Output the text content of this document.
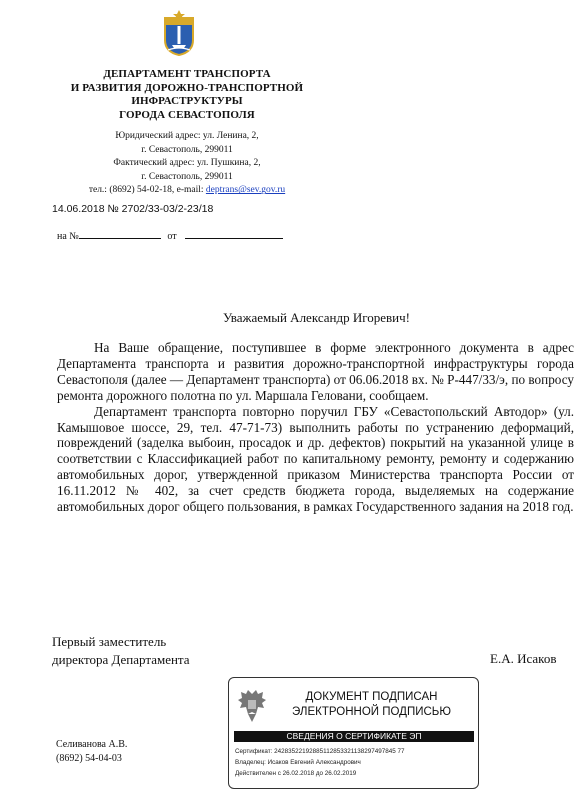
ДЕПАРТАМЕНТ ТРАНСПОРТА
И РАЗВИТИЯ ДОРОЖНО-ТРАНСПОРТНОЙ
ИНФРАСТРУКТУРЫ
ГОРОДА СЕВАСТОПОЛЯ
Юридический адрес: ул. Ленина, 2,
г. Севастополь, 299011
Фактический адрес: ул. Пушкина, 2,
г. Севастополь, 299011
тел.: (8692) 54-02-18, e-mail: deptrans@sev.gov.ru
14.06.2018 № 2702/33-03/2-23/18
на №	от
Уважаемый Александр Игоревич!

На Ваше обращение, поступившее в форме электронного документа в адрес Департамента транспорта и развития дорожно-транспортной инфраструктуры города Севастополя (далее — Департамент транспорта) от 06.06.2018 вх. № Р-447/33/э, по вопросу ремонта дорожного полотна по ул. Маршала Геловани, сообщаем.

Департамент транспорта повторно поручил ГБУ «Севастопольский Автодор» (ул. Камышовое шоссе, 29, тел. 47-71-73) выполнить работы по устранению деформаций, повреждений (заделка выбоин, просадок и др. дефектов) покрытий на указанной улице в соответствии с Классификацией работ по капитальному ремонту, ремонту и содержанию автомобильных дорог, утвержденной приказом Министерства транспорта России от 16.11.2012 № 402, за счет средств бюджета города, выделяемых на содержание автомобильных дорог общего пользования, в рамках Государственного задания на 2018 год.

Первый заместитель
директора Департамента	Е.А. Исаков
Селиванова А.В.
(8692) 54-04-03
ДОКУМЕНТ ПОДПИСАН
ЭЛЕКТРОННОЙ ПОДПИСЬЮ
СВЕДЕНИЯ О СЕРТИФИКАТЕ ЭП
Сертификат: 24283522192885112853321138297497845 77
Владелец: Исаков Евгений Александрович
Действителен с 26.02.2018 до 26.02.2019
